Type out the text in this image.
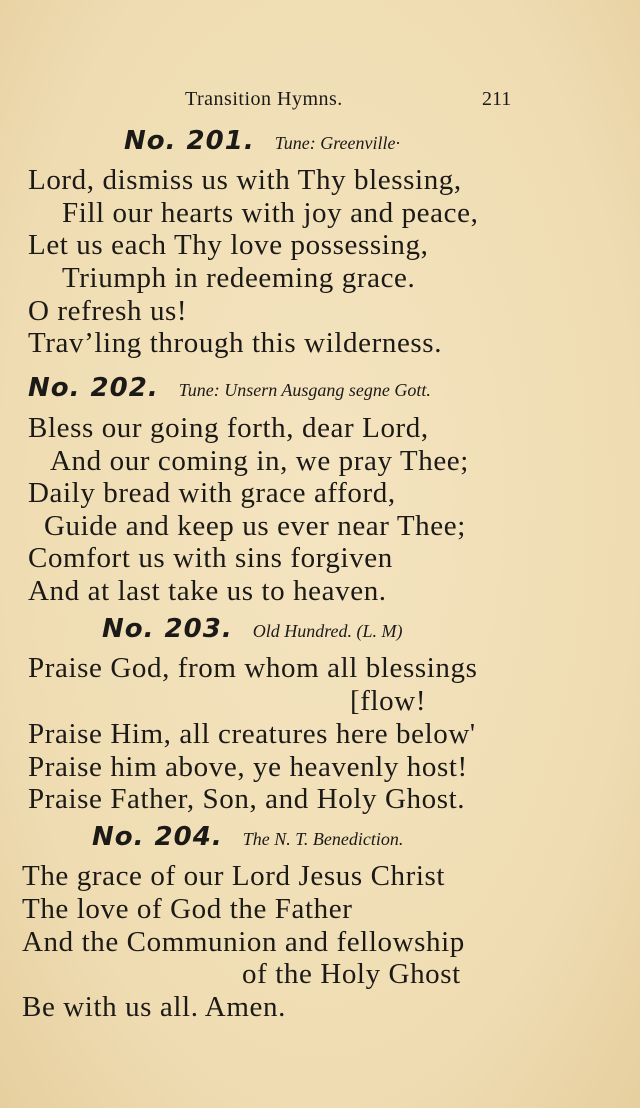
Transition Hymns.	211
No. 201. Tune: Greenville·
Lord, dismiss us with Thy blessing,
Fill our hearts with joy and peace,
Let us each Thy love possessing,
Triumph in redeeming grace.
O refresh us!
Trav’ling through this wilderness.
No. 202. Tune: Unsern Ausgang segne Gott.
Bless our going forth, dear Lord,
And our coming in, we pray Thee;
Daily bread with grace afford,
Guide and keep us ever near Thee;
Comfort us with sins forgiven
And at last take us to heaven.
No. 203. Old Hundred. (L. M)
Praise God, from whom all blessings
[flow!
Praise Him, all creatures here below'
Praise him above, ye heavenly host!
Praise Father, Son, and Holy Ghost.
No. 204. The N. T. Benediction.
The grace of our Lord Jesus Christ
The love of God the Father
And the Communion and fellowship
of the Holy Ghost
Be with us all. Amen.
